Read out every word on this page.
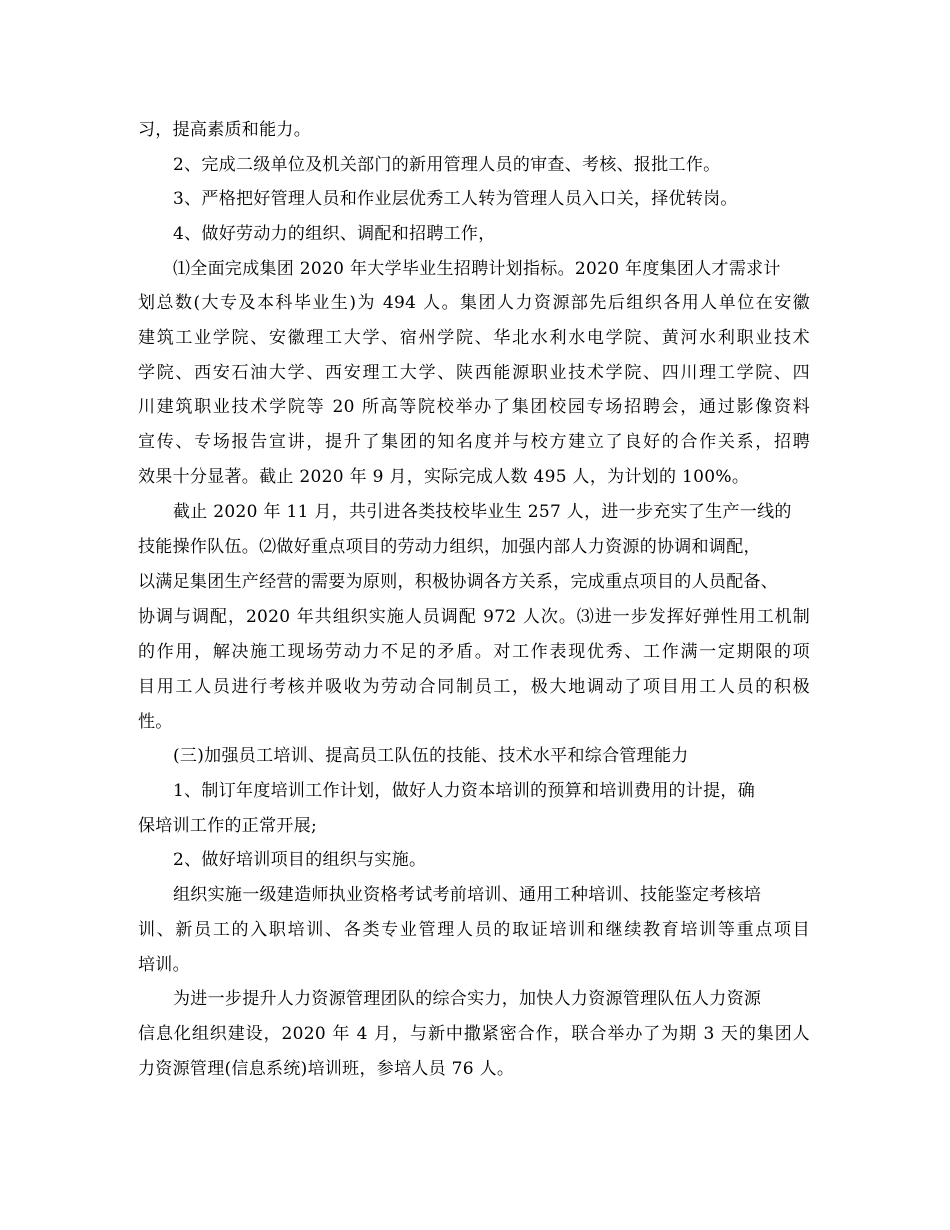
习，提高素质和能力。
2、完成二级单位及机关部门的新用管理人员的审查、考核、报批工作。
3、严格把好管理人员和作业层优秀工人转为管理人员入口关，择优转岗。
4、做好劳动力的组织、调配和招聘工作，
⑴全面完成集团 2020 年大学毕业生招聘计划指标。2020 年度集团人才需求计
划总数(大专及本科毕业生)为 494 人。集团人力资源部先后组织各用人单位在安徽
建筑工业学院、安徽理工大学、宿州学院、华北水利水电学院、黄河水利职业技术
学院、西安石油大学、西安理工大学、陕西能源职业技术学院、四川理工学院、四
川建筑职业技术学院等 20 所高等院校举办了集团校园专场招聘会，通过影像资料
宣传、专场报告宣讲，提升了集团的知名度并与校方建立了良好的合作关系，招聘
效果十分显著。截止 2020 年 9 月，实际完成人数 495 人，为计划的 100%。
截止 2020 年 11 月，共引进各类技校毕业生 257 人，进一步充实了生产一线的
技能操作队伍。⑵做好重点项目的劳动力组织，加强内部人力资源的协调和调配，
以满足集团生产经营的需要为原则，积极协调各方关系，完成重点项目的人员配备、
协调与调配，2020 年共组织实施人员调配 972 人次。⑶进一步发挥好弹性用工机制
的作用，解决施工现场劳动力不足的矛盾。对工作表现优秀、工作满一定期限的项
目用工人员进行考核并吸收为劳动合同制员工，极大地调动了项目用工人员的积极
性。
(三)加强员工培训、提高员工队伍的技能、技术水平和综合管理能力
1、制订年度培训工作计划，做好人力资本培训的预算和培训费用的计提，确
保培训工作的正常开展;
2、做好培训项目的组织与实施。
组织实施一级建造师执业资格考试考前培训、通用工种培训、技能鉴定考核培
训、新员工的入职培训、各类专业管理人员的取证培训和继续教育培训等重点项目
培训。
为进一步提升人力资源管理团队的综合实力，加快人力资源管理队伍人力资源
信息化组织建设，2020 年 4 月，与新中撒紧密合作，联合举办了为期 3 天的集团人
力资源管理(信息系统)培训班，参培人员 76 人。
